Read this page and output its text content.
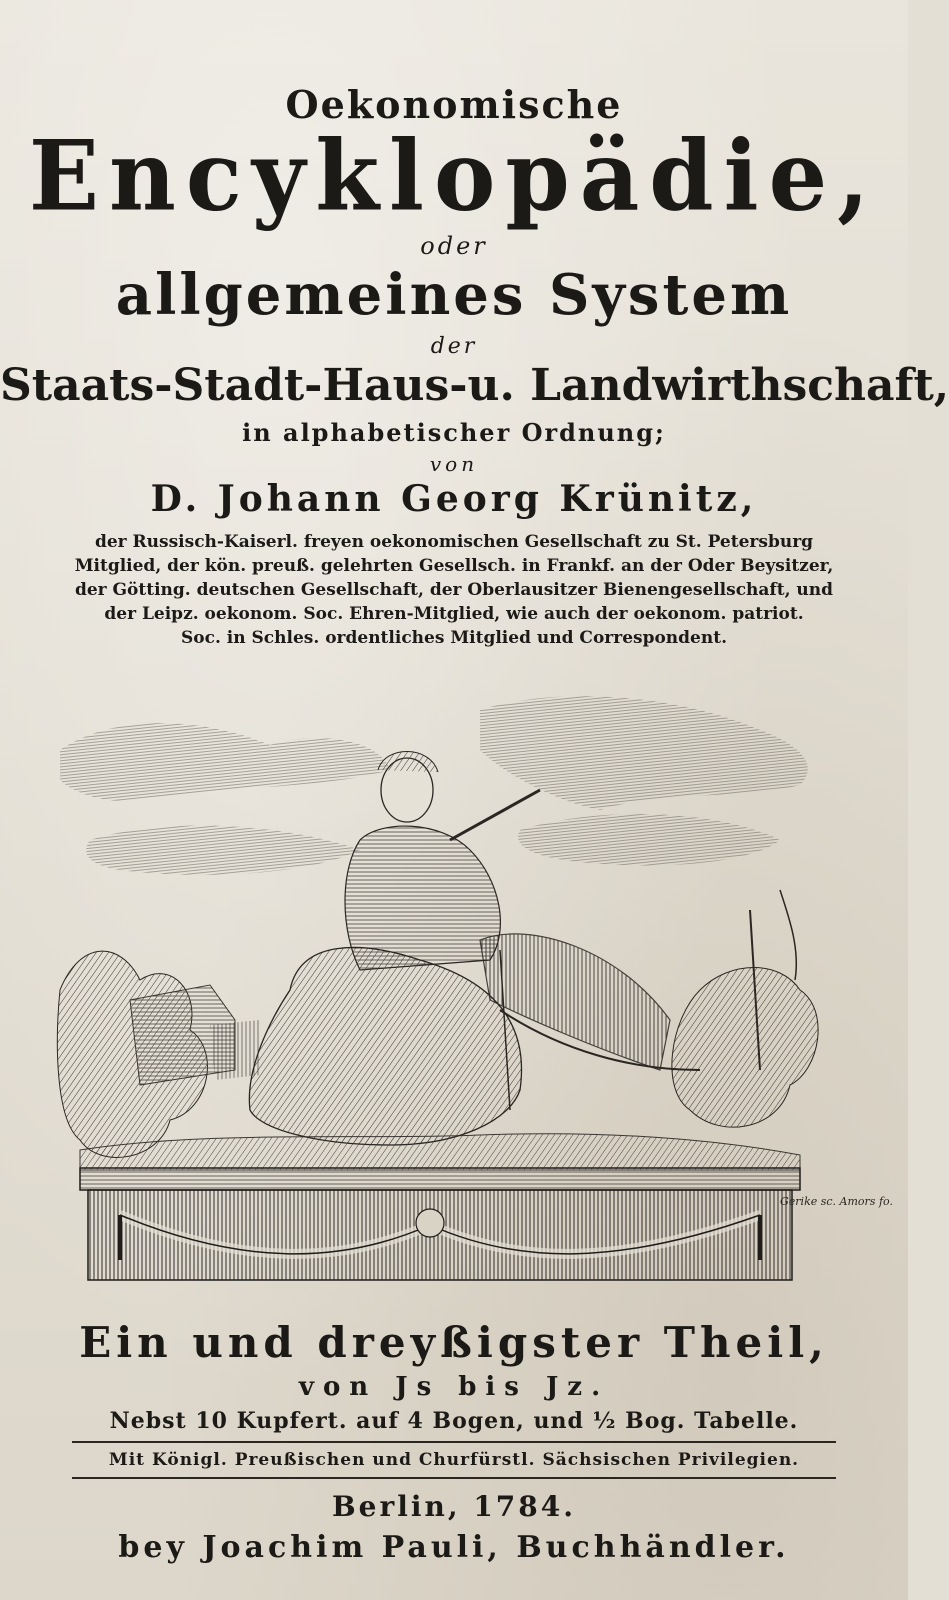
Oekonomische
Encyklopädie,
oder
allgemeines System
der
Staats-Stadt-Haus-u. Landwirthschaft,
in alphabetischer Ordnung;
von
D. Johann Georg Krünitz,
der Russisch-Kaiserl. freyen oekonomischen Gesellschaft zu St. Petersburg
Mitglied, der kön. preuß. gelehrten Gesellsch. in Frankf. an der Oder Beysitzer,
der Götting. deutschen Gesellschaft, der Oberlausitzer Bienengesellschaft, und
der Leipz. oekonom. Soc. Ehren-Mitglied, wie auch der oekonom. patriot.
Soc. in Schles. ordentliches Mitglied und Correspondent.
Gerike sc. Amors fo.
Ein und dreyßigster Theil,
von Js bis Jz.
Nebst 10 Kupfert. auf 4 Bogen, und ½ Bog. Tabelle.
Mit Königl. Preußischen und Churfürstl. Sächsischen Privilegien.
Berlin, 1784.
bey Joachim Pauli, Buchhändler.
